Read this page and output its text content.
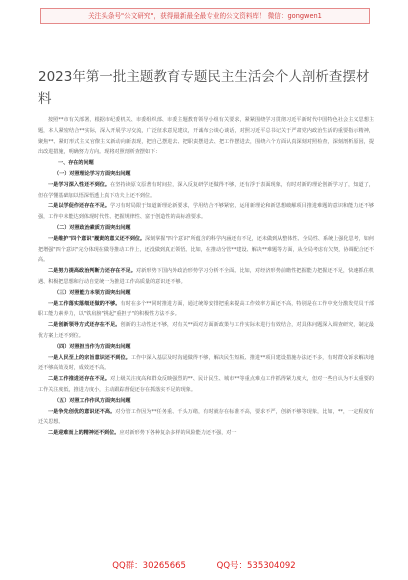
关注头条号"公文研究"，获得最新最全最专业的公文资料库！ 微信：gongwen1
2023年第一批主题教育专题民主生活会个人剖析查摆材料

按照**市有关部署，根据市纪委机关、市委组织部、市委主题教育领导小组有关要求，紧紧围绕学习贯彻习近平新时代中国特色社会主义思想主题，本人紧密结合**实际，深入开展学习交流，广泛征求意见建议，开诚布公谈心谈话，对照习近平总书记关于严肃党内政治生活的重要指示精神，聚焦**、紧盯形式主义官僚主义新动向新表现，把自己摆进去、把职责摆进去、把工作摆进去，围绕六个方面认真深刻对照检查，深刻剖析原因，提出改进措施，明确努力方向。现将对照剖析查摆如下：

一、存在的问题

（一）对照理论学习方面突出问题

一是学习深入性还不到位。在坚持读原文原著有时间拉，深入反复研学还做得不够，还有浮于表面现象，有时对新的理论创新学习了，知道了，但在学懂基础加以悟深悟透上真下功夫上还不到位。

二是以学促作还存在不足。学习有时局限于知道新理论新要求，学用结合不够紧密，运用新理论和新思想破解项目推进难题的意识和能力还不够强，工作中未能达到体现时代性、把握规律性、富于创造性的高标准要求。

（二）对照政治素质方面突出问题

一是维护"四个意识"履责的意义还不到位。深刻掌握"四个意识"所蕴含的科学内涵还有不足，还未做到从整体性、全局性、系统上强化思考，如何把增强"四个意识"完分体现在做导推动工作上，还没做到真正领悟。比如，在推动分管**建设、解决**难题等方面，从全局考虑有欠契，协调配合还不高。

二是努力提高政治判断力还存在不足。对新形势下国内外政治形势学习分析不全面。比如，对经济形势前瞻性把握能力把握还不足，快速抓住机遇、积极把思想和行动自觉统一为推进工作高质量的意识还不够。

（三）对照能力本领方面突出问题

一是工作落实落细还做的不够。有时在多个**同时推进方面，通过统筹安排把重来提高工作效率方面还不高，特别是在工作中充分激发党员干部职工能力素养力，以"铁肩膀"挑起"重担子"的积极性方法不多。

二是创新领导方式还存在不足。创新的主动性还不够，对有关**面对方面新政策与工作实际未进行有效结合，对具体问题深入调查研究，制定最优方案上还不到位。

（四）对照担当作为方面突出问题

一是人民至上的宗旨意识还不到位。工作中深入基层及时沟通做得不够，解决民生短板、推进**项目建设措施办法还不多，有时群众诉求解决地还不够高效及时，成效还不高。

二是工作推进还存在不足。对上级关注度高和群众反映强烈的**、民计民生、城市**等重点难点工作抓得紧力度大，但对一些自认为不太重要的工作关注度低，推进力度小，主动跟踪督促还存在抓落实不足的现象。

（五）对照工作作风方面突出问题

一是争先创优的意识还不高。对分管工作因为**任务重、千头万绪，有时就存在标准不高，要求不严，创新不够等现象，比如，**，一定程度有迁关思想。

二是迎难而上的精神还不到位。应对新形势下各种复杂多样的风险能力还不强，对一

QQ群：30265665	QQ号：535304092
